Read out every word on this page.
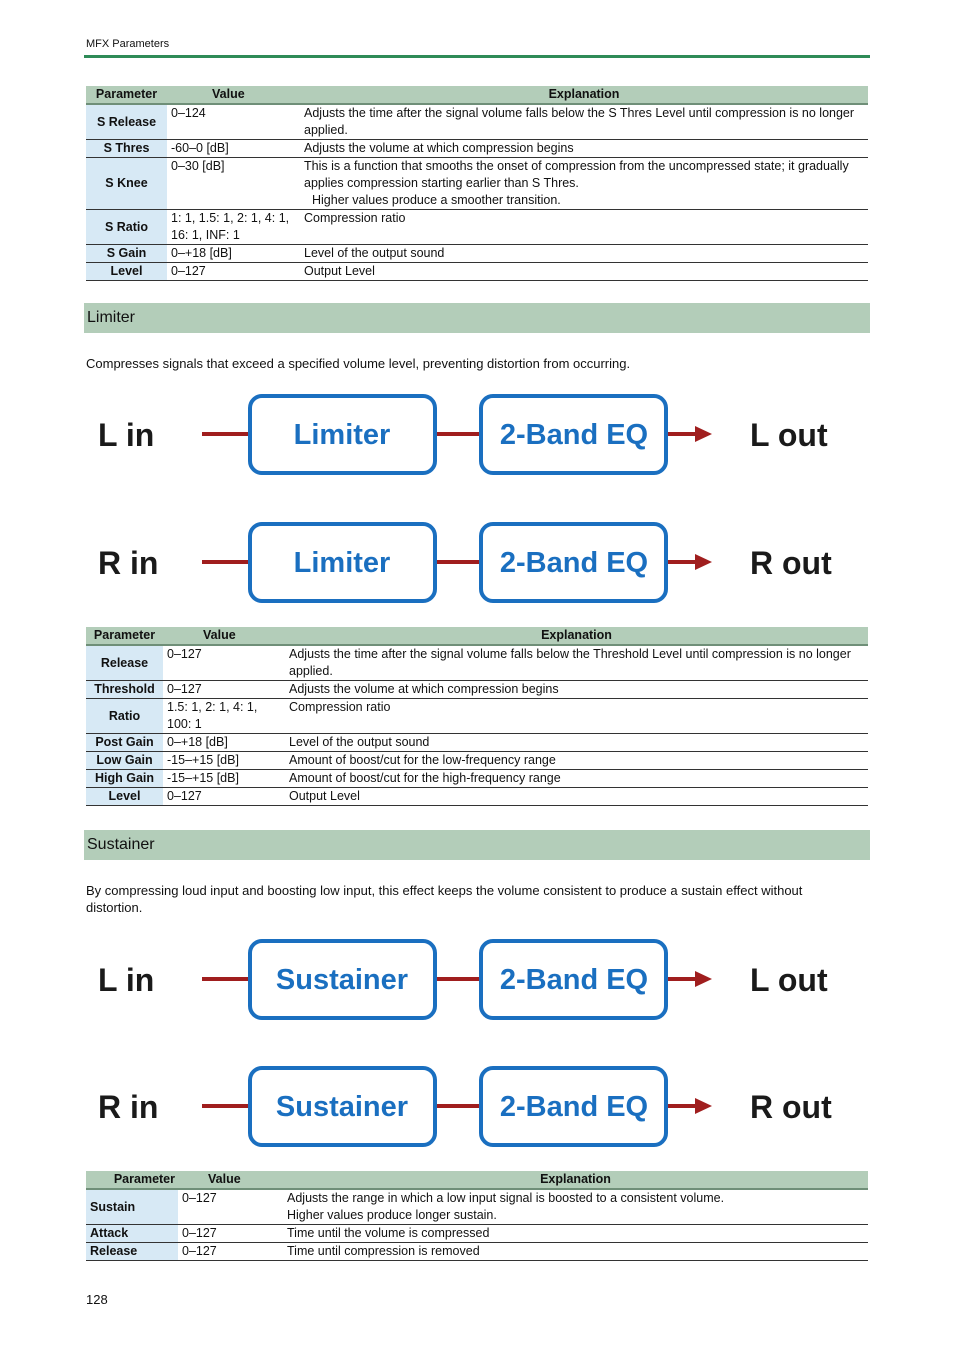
MFX Parameters
Parameter	Value	Explanation
S Release	0–124	Adjusts the time after the signal volume falls below the S Thres Level until compression is no longer applied.
S Thres	-60–0 [dB]	Adjusts the volume at which compression begins
S Knee	0–30 [dB]	This is a function that smooths the onset of compression from the uncompressed state; it gradually applies compression starting earlier than S Thres.
Higher values produce a smoother transition.

S Ratio	1: 1, 1.5: 1, 2: 1, 4: 1, 16: 1, INF: 1	Compression ratio
S Gain	0–+18 [dB]	Level of the output sound
Level	0–127	Output Level
Limiter
Compresses signals that exceed a specified volume level, preventing distortion from occurring.
L in	Limiter	2-Band EQ	L out
R in	Limiter	2-Band EQ	R out
Parameter	Value	Explanation
Release	0–127	Adjusts the time after the signal volume falls below the Threshold Level until compression is no longer applied.
Threshold	0–127	Adjusts the volume at which compression begins
Ratio	1.5: 1, 2: 1, 4: 1, 100: 1	Compression ratio
Post Gain	0–+18 [dB]	Level of the output sound
Low Gain	-15–+15 [dB]	Amount of boost/cut for the low-frequency range
High Gain	-15–+15 [dB]	Amount of boost/cut for the high-frequency range
Level	0–127	Output Level
Sustainer
By compressing loud input and boosting low input, this effect keeps the volume consistent to produce a sustain effect without distortion.
L in	Sustainer	2-Band EQ	L out
R in	Sustainer	2-Band EQ	R out
Parameter	Value	Explanation
Sustain	0–127	Adjusts the range in which a low input signal is boosted to a consistent volume.
Higher values produce longer sustain.

Attack	0–127	Time until the volume is compressed
Release	0–127	Time until compression is removed
128
